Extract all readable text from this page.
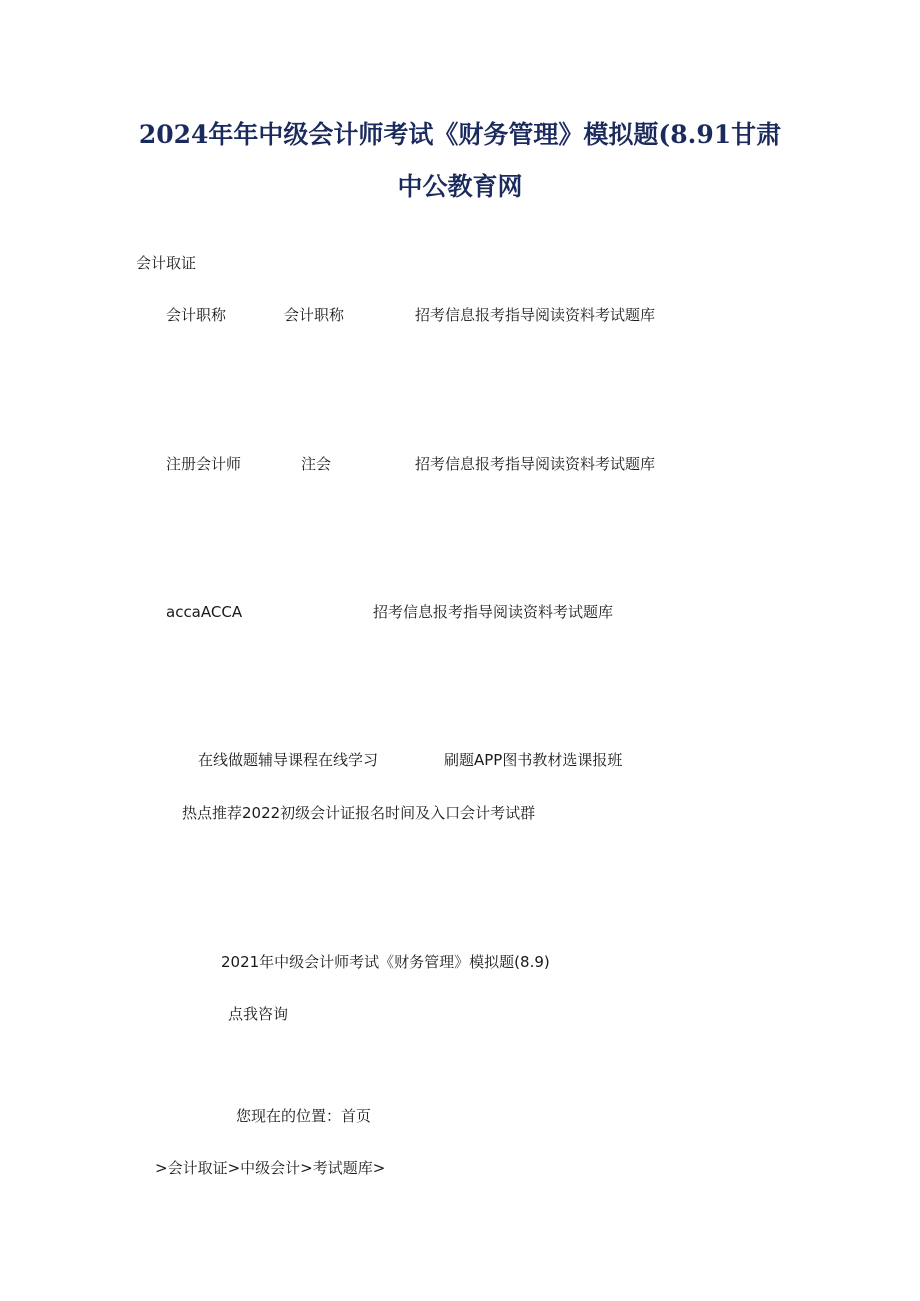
2024年年中级会计师考试《财务管理》模拟题(8.91甘肃
中公教育网
会计取证
会计职称	会计职称	招考信息报考指导阅读资料考试题库
注册会计师	注会	招考信息报考指导阅读资料考试题库
accaACCA	招考信息报考指导阅读资料考试题库
在线做题辅导课程在线学习	刷题APP图书教材选课报班
热点推荐2022初级会计证报名时间及入口会计考试群

2021年中级会计师考试《财务管理》模拟题(8.9)

点我咨询

您现在的位置：首页

>会计取证>中级会计>考试题库>
